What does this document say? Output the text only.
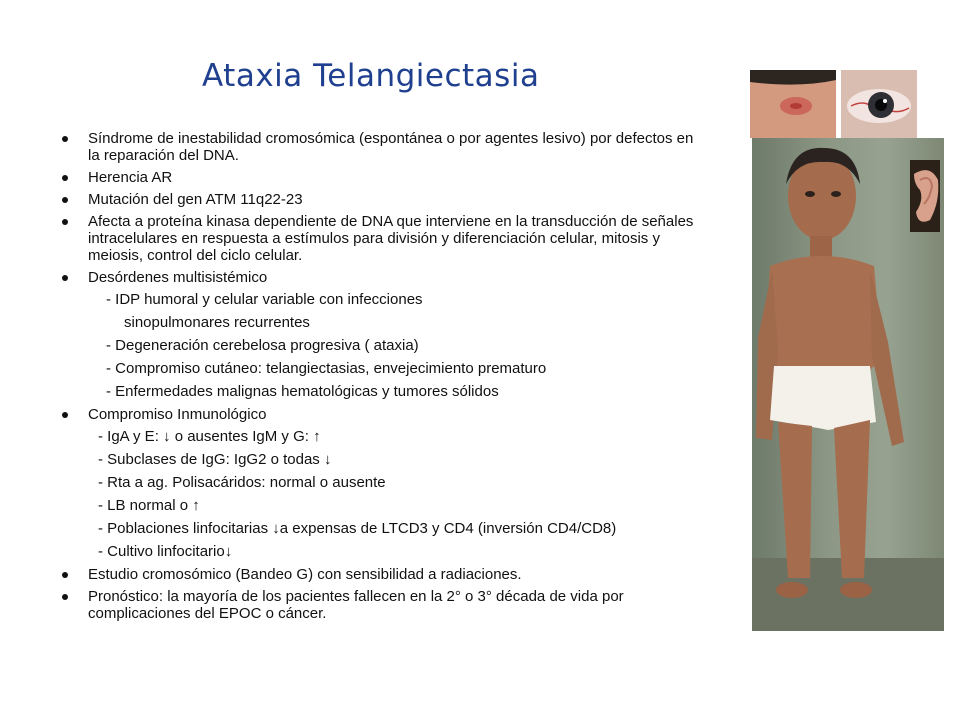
Ataxia Telangiectasia
Síndrome de inestabilidad cromosómica (espontánea o por agentes lesivo) por defectos en la reparación del DNA.
Herencia AR
Mutación del gen ATM 11q22-23
Afecta a proteína kinasa dependiente de DNA que interviene en la transducción de señales intracelulares en respuesta a estímulos para división y diferenciación celular, mitosis y meiosis, control del ciclo celular.
Desórdenes multisistémico
- IDP humoral y celular variable con infecciones
sinopulmonares recurrentes
- Degeneración cerebelosa progresiva ( ataxia)
- Compromiso cutáneo: telangiectasias, envejecimiento prematuro
- Enfermedades malignas hematológicas y tumores sólidos
Compromiso Inmunológico
- IgA y E: ↓ o ausentes IgM y G: ↑
- Subclases de IgG: IgG2 o todas ↓
- Rta a ag. Polisacáridos: normal o ausente
- LB normal o ↑
- Poblaciones linfocitarias ↓a expensas de LTCD3 y CD4 (inversión CD4/CD8)
- Cultivo linfocitario↓
Estudio cromosómico (Bandeo G) con sensibilidad a radiaciones.
Pronóstico: la mayoría de los pacientes fallecen en la 2° o 3° década de vida por complicaciones del EPOC o cáncer.
